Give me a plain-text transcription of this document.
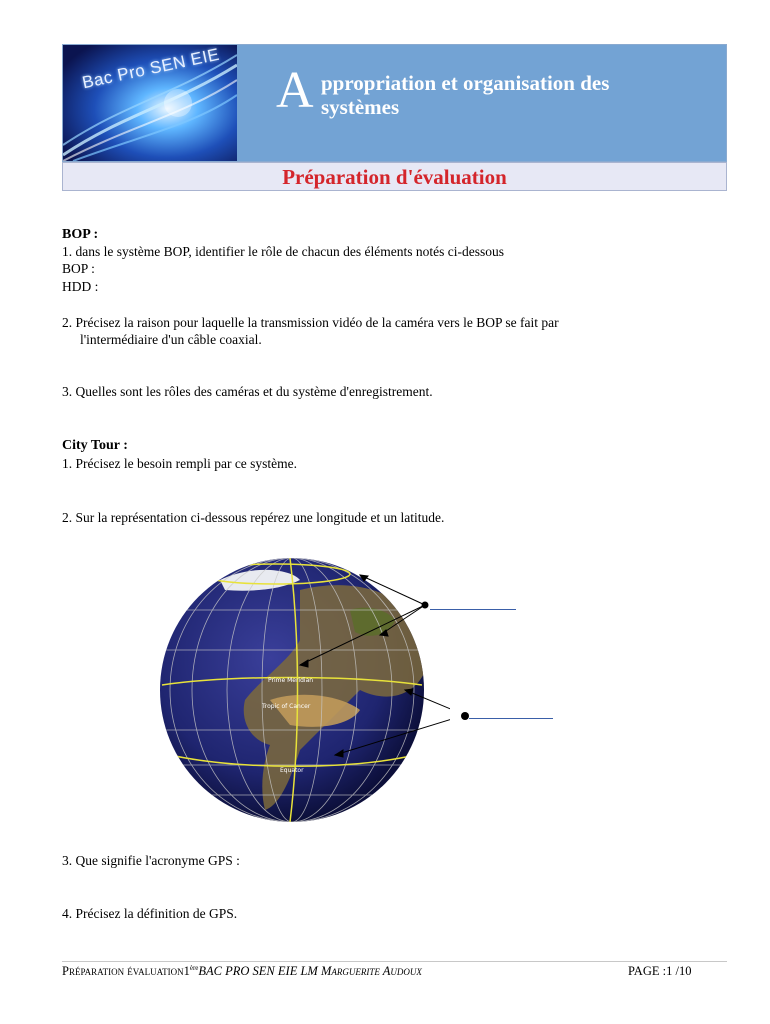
Bac Pro SEN EIE A ppropriation et organisation des
systèmes
Préparation d'évaluation
BOP :
1. dans le système BOP, identifier le rôle de chacun des éléments notés ci-dessous
BOP :
HDD :
2. Précisez la raison pour laquelle la transmission vidéo de la caméra vers le BOP se fait par
l'intermédiaire d'un câble coaxial.
3. Quelles sont les rôles des caméras et du système d'enregistrement.
City Tour :
1. Précisez le besoin rempli par ce système.
2. Sur la représentation ci-dessous repérez une longitude et un latitude.
Prime Meridian
Tropic of Cancer
Equator
3. Que signifie l'acronyme GPS :
4. Précisez la définition de GPS.
Préparation évaluation1èreBAC PRO SEN EIE LM Marguerite Audoux	PAGE :1 /10
